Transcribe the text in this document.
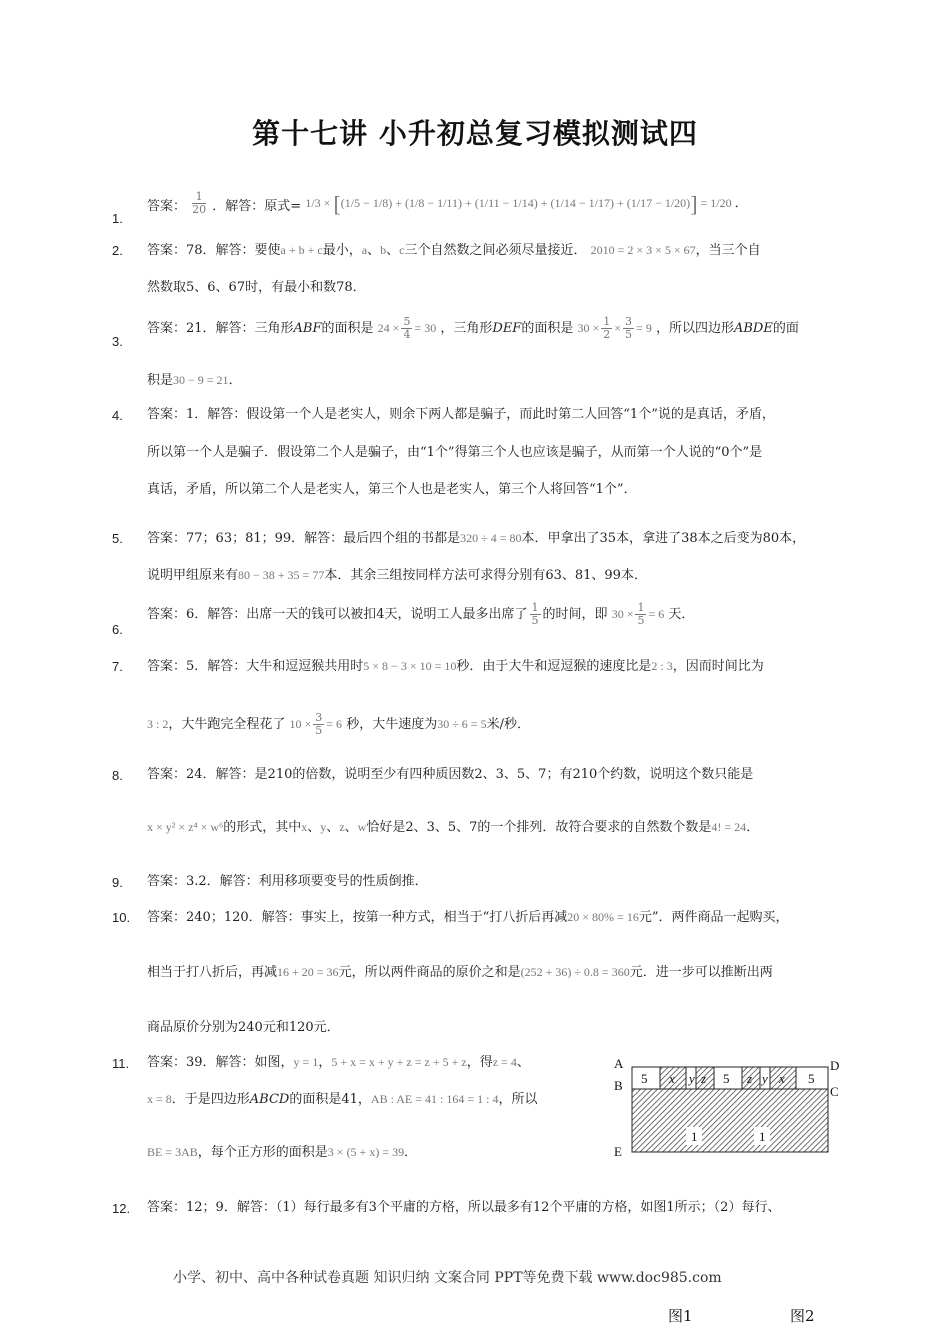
第十七讲 小升初总复习模拟测试四
1.
答案： $\frac{1}{20}$ ．解答：原式= 1/3 × [(1/5 − 1/8) + (1/8 − 1/11) + (1/11 − 1/14) + (1/14 − 1/17) + (1/17 − 1/20)] = 1/20 ．
2. 答案：78．解答：要使a + b + c最小，a、b、c三个自然数之间必须尽量接近． 2010 = 2 × 3 × 5 × 67，当三个自
然数取5、6、67时，有最小和数78．
3.
答案：21．解答：三角形ABF的面积是 $24 \times \frac{5}{4} = 30$ ，三角形DEF的面积是 $30 \times \frac{1}{2} \times \frac{3}{5} = 9$ ，所以四边形ABDE的面
积是30 − 9 = 21．
4. 答案：1．解答：假设第一个人是老实人，则余下两人都是骗子，而此时第二人回答“1个”说的是真话，矛盾，
所以第一个人是骗子．假设第二个人是骗子，由“1个”得第三个人也应该是骗子，从而第一个人说的“0个”是
真话，矛盾，所以第二个人是老实人，第三个人也是老实人，第三个人将回答“1个”．
5. 答案：77；63；81；99．解答：最后四个组的书都是320 ÷ 4 = 80本．甲拿出了35本，拿进了38本之后变为80本，
说明甲组原来有80 − 38 + 35 = 77本．其余三组按同样方法可求得分别有63、81、99本．
6.
答案：6．解答：出席一天的钱可以被扣4天，说明工人最多出席了 $\frac{1}{5}$ 的时间，即 $30 \times \frac{1}{5} = 6$ 天．
7. 答案：5．解答：大牛和逗逗猴共用时5 × 8 − 3 × 10 = 10秒．由于大牛和逗逗猴的速度比是2 : 3，因而时间比为
3 : 2，大牛跑完全程花了 $10 \times \frac{3}{5} = 6$ 秒，大牛速度为30 ÷ 6 = 5米/秒．
8. 答案：24．解答：是210的倍数，说明至少有四种质因数2、3、5、7；有210个约数，说明这个数只能是
x × y² × z⁴ × w⁶的形式，其中x、y、z、w恰好是2、3、5、7的一个排列．故符合要求的自然数个数是4! = 24．
9. 答案：3.2．解答：利用移项要变号的性质倒推．
10. 答案：240；120．解答：事实上，按第一种方式，相当于“打八折后再减20 × 80% = 16元”．两件商品一起购买，
相当于打八折后，再减16 + 20 = 36元，所以两件商品的原价之和是(252 + 36) ÷ 0.8 = 360元．进一步可以推断出两
商品原价分别为240元和120元．
11. 答案：39．解答：如图，y = 1，5 + x = x + y + z = z + 5 + z，得z = 4、
x = 8．于是四边形ABCD的面积是41，AB : AE = 41 : 164 = 1 : 4，所以
BE = 3AB，每个正方形的面积是3 × (5 + x) = 39．
A
B
D
C
E
5 x y z 5 z y x 5
1	1
12. 答案：12；9．解答：（1）每行最多有3个平庸的方格，所以最多有12个平庸的方格，如图1所示；（2）每行、
小学、初中、高中各种试卷真题 知识归纳 文案合同 PPT等免费下载 www.doc985.com
图1	图2
